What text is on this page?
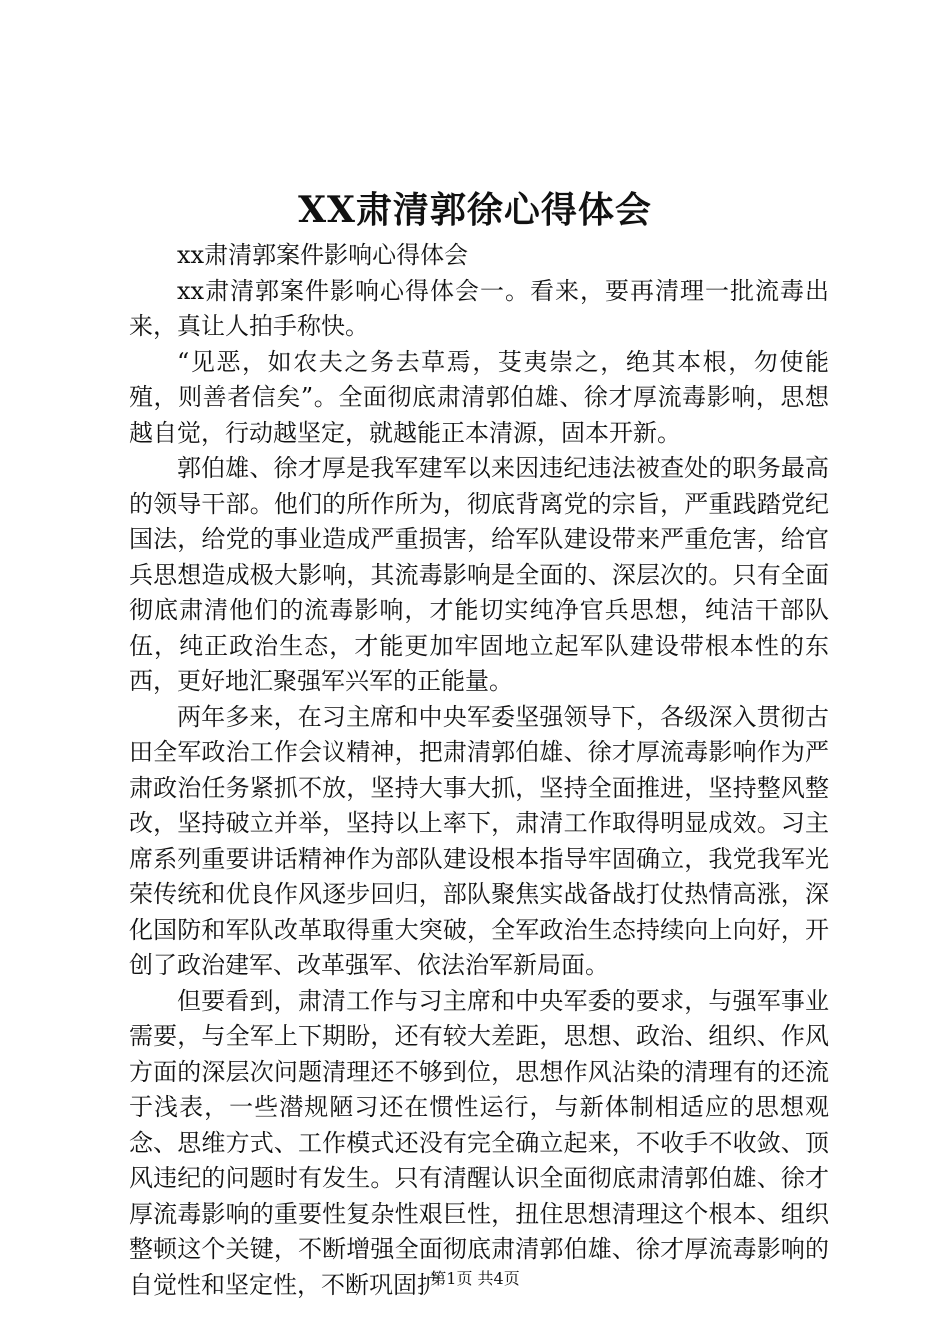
XX肃清郭徐心得体会

xx肃清郭案件影响心得体会

xx肃清郭案件影响心得体会一。看来，要再清理一批流毒出来，真让人拍手称快。

“见恶，如农夫之务去草焉，芟夷崇之，绝其本根，勿使能殖，则善者信矣”。全面彻底肃清郭伯雄、徐才厚流毒影响，思想越自觉，行动越坚定，就越能正本清源，固本开新。

郭伯雄、徐才厚是我军建军以来因违纪违法被查处的职务最高的领导干部。他们的所作所为，彻底背离党的宗旨，严重践踏党纪国法，给党的事业造成严重损害，给军队建设带来严重危害，给官兵思想造成极大影响，其流毒影响是全面的、深层次的。只有全面彻底肃清他们的流毒影响，才能切实纯净官兵思想，纯洁干部队伍，纯正政治生态，才能更加牢固地立起军队建设带根本性的东西，更好地汇聚强军兴军的正能量。

两年多来，在习主席和中央军委坚强领导下，各级深入贯彻古田全军政治工作会议精神，把肃清郭伯雄、徐才厚流毒影响作为严肃政治任务紧抓不放，坚持大事大抓，坚持全面推进，坚持整风整改，坚持破立并举，坚持以上率下，肃清工作取得明显成效。习主席系列重要讲话精神作为部队建设根本指导牢固确立，我党我军光荣传统和优良作风逐步回归，部队聚焦实战备战打仗热情高涨，深化国防和军队改革取得重大突破，全军政治生态持续向上向好，开创了政治建军、改革强军、依法治军新局面。

但要看到，肃清工作与习主席和中央军委的要求，与强军事业需要，与全军上下期盼，还有较大差距，思想、政治、组织、作风方面的深层次问题清理还不够到位，思想作风沾染的清理有的还流于浅表，一些潜规陋习还在惯性运行，与新体制相适应的思想观念、思维方式、工作模式还没有完全确立起来，不收手不收敛、顶风违纪的问题时有发生。只有清醒认识全面彻底肃清郭伯雄、徐才厚流毒影响的重要性复杂性艰巨性，扭住思想清理这个根本、组织整顿这个关键，不断增强全面彻底肃清郭伯雄、徐才厚流毒影响的自觉性和坚定性，不断巩固扩

第1页 共4页
